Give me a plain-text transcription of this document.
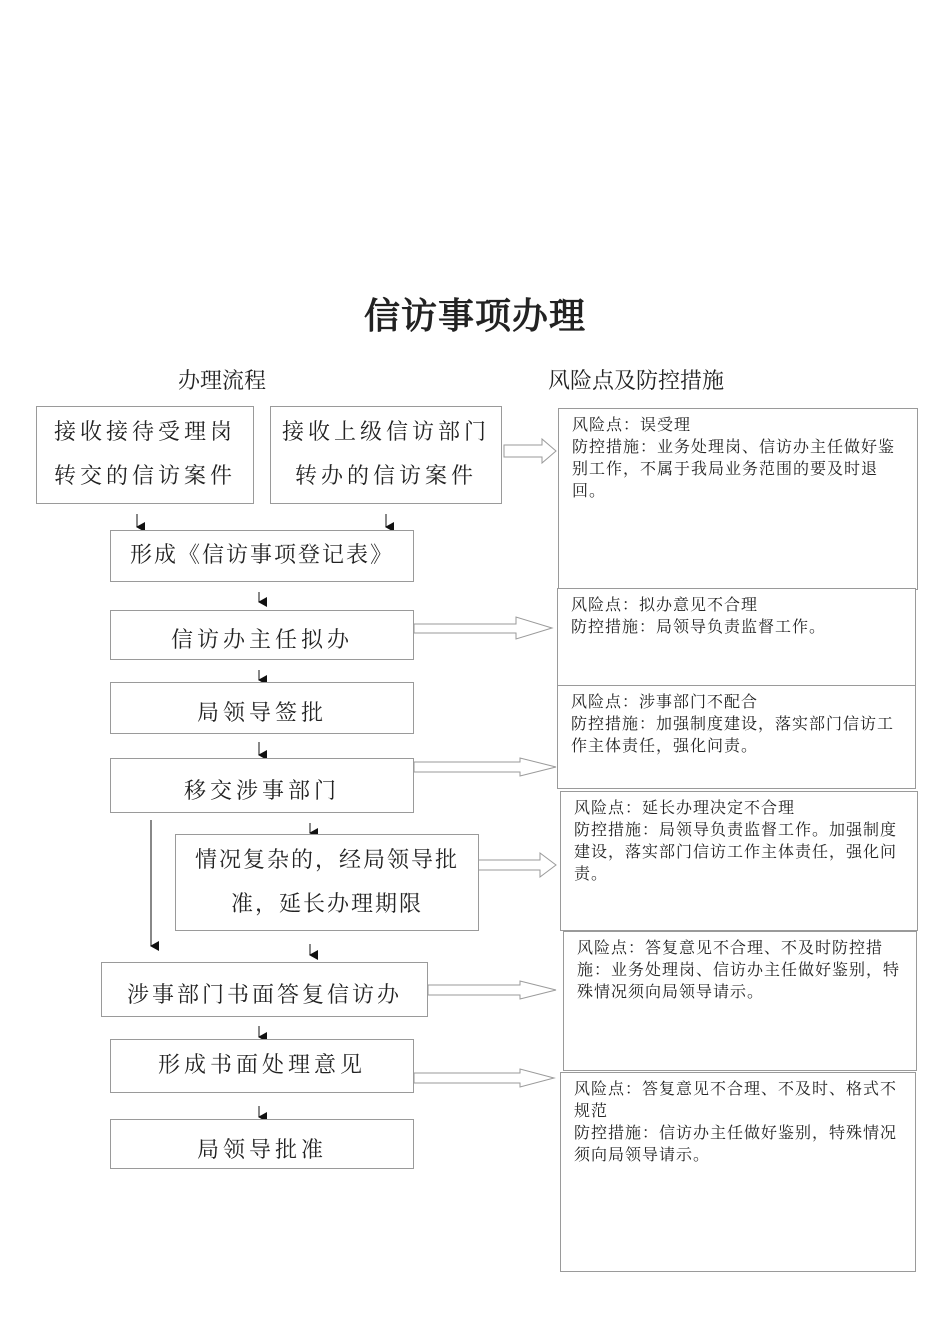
信访事项办理
办理流程	风险点及防控措施
接收接待受理岗
转交的信访案件
接收上级信访部门
转办的信访案件
形成《信访事项登记表》
信访办主任拟办
局领导签批
移交涉事部门
情况复杂的，经局领导批
准，延长办理期限
涉事部门书面答复信访办
形成书面处理意见
局领导批准

风险点：误受理

防控措施：业务处理岗、信访办主任做好鉴别工作，不属于我局业务范围的要及时退回。

风险点：拟办意见不合理

防控措施：局领导负责监督工作。

风险点：涉事部门不配合

防控措施：加强制度建设，落实部门信访工作主体责任，强化问责。

风险点：延长办理决定不合理

防控措施：局领导负责监督工作。加强制度建设，落实部门信访工作主体责任，强化问责。

风险点：答复意见不合理、不及时防控措施：业务处理岗、信访办主任做好鉴别，特殊情况须向局领导请示。

风险点：答复意见不合理、不及时、格式不规范

防控措施：信访办主任做好鉴别，特殊情况须向局领导请示。
